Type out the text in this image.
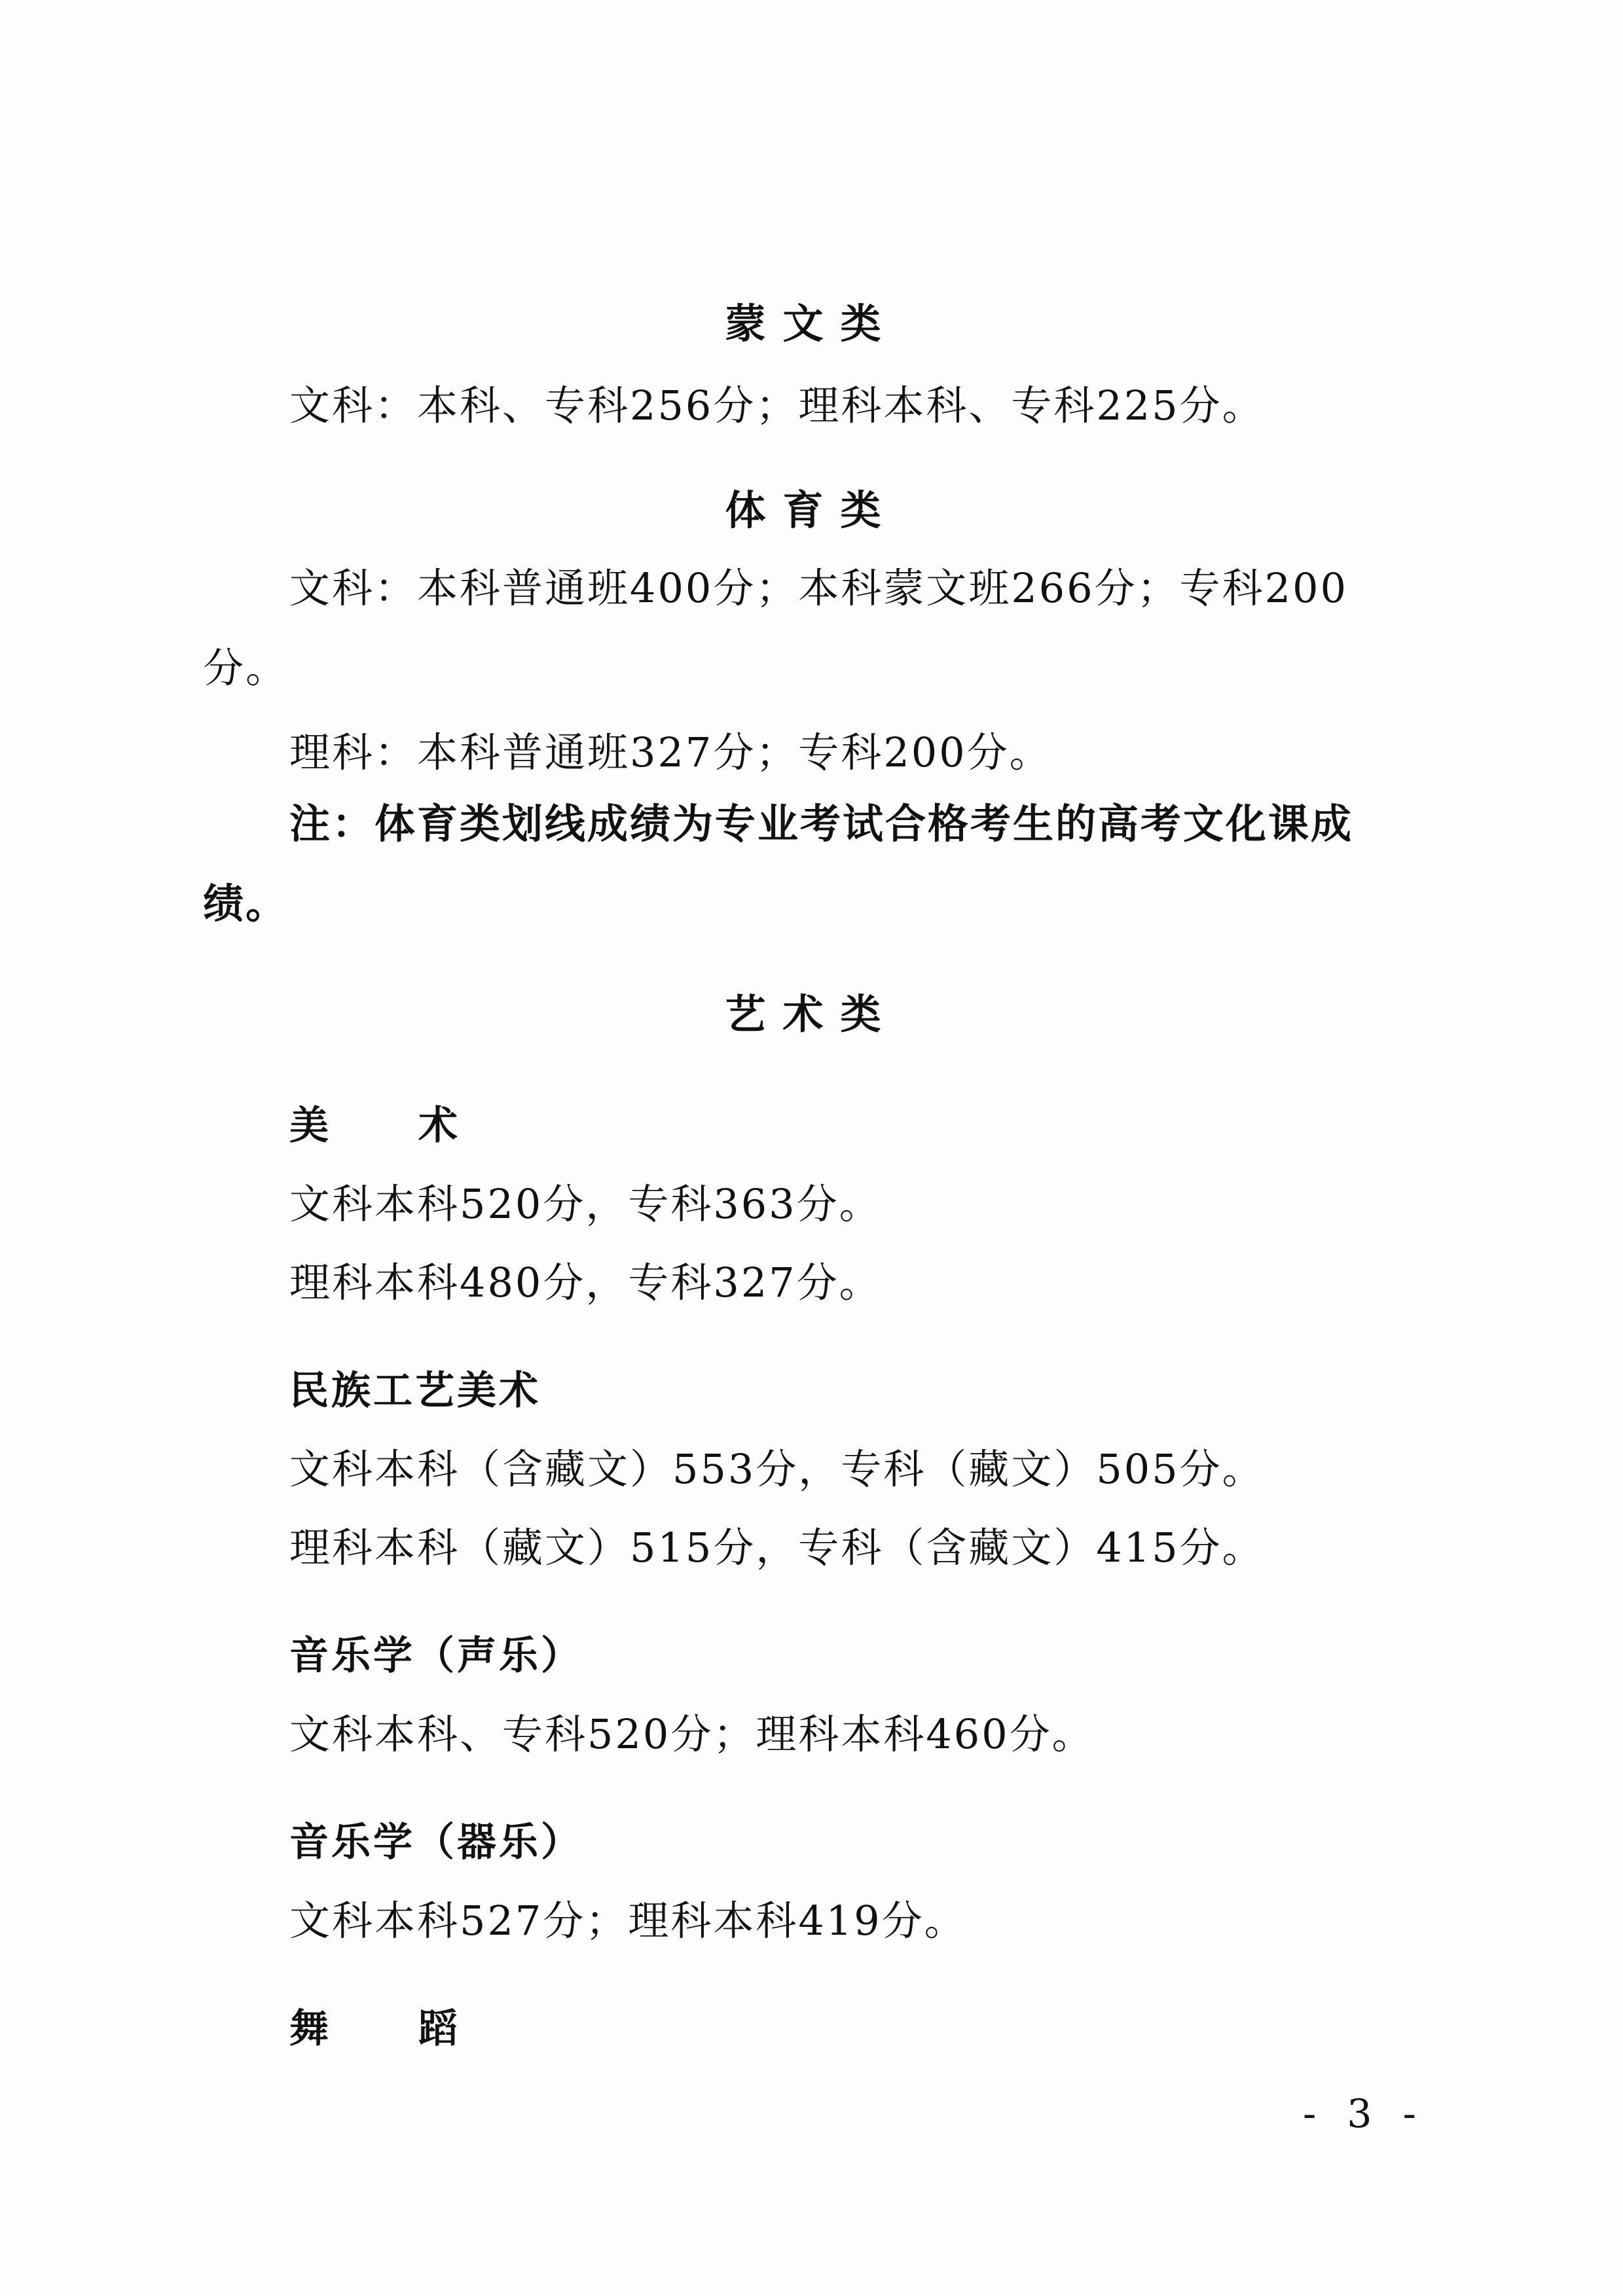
蒙文类
文科：本科、专科256分；理科本科、专科225分。
体育类
文科：本科普通班400分；本科蒙文班266分；专科200分。
理科：本科普通班327分；专科200分。
注：体育类划线成绩为专业考试合格考生的高考文化课成绩。
艺术类
美 术
文科本科520分，专科363分。
理科本科480分，专科327分。
民族工艺美术
文科本科（含藏文）553分，专科（藏文）505分。
理科本科（藏文）515分，专科（含藏文）415分。
音乐学（声乐）
文科本科、专科520分；理科本科460分。
音乐学（器乐）
文科本科527分；理科本科419分。
舞 蹈
- 3 -
